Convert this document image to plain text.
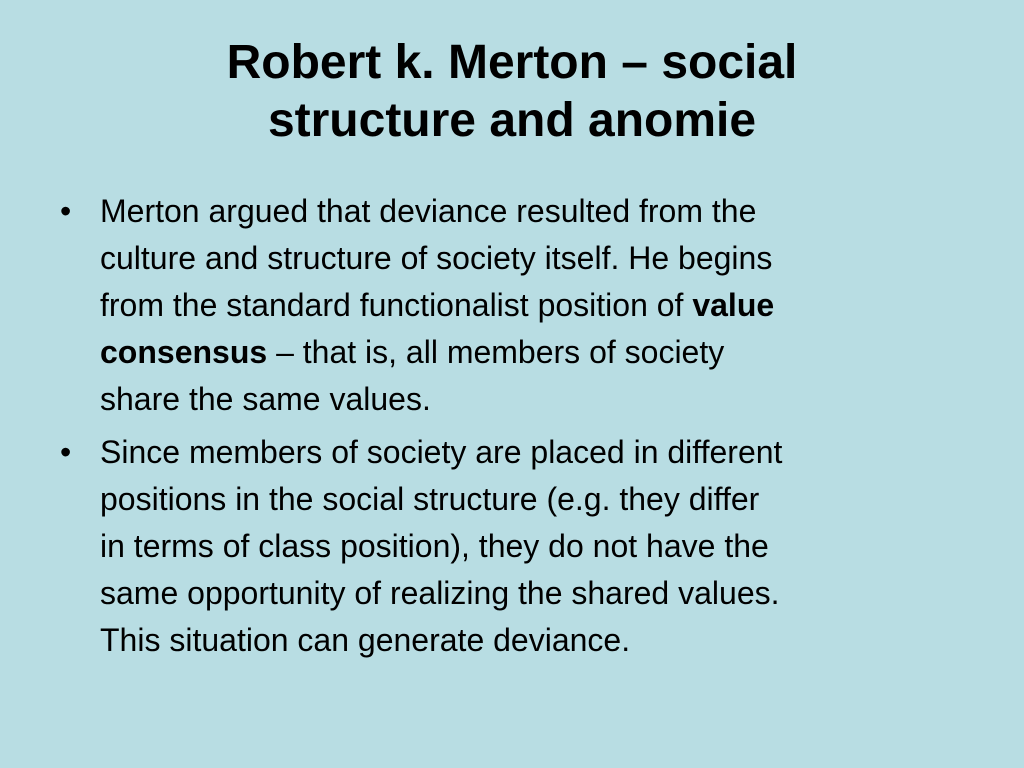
Robert k. Merton – social
structure and anomie
• Merton argued that deviance resulted from the
culture and structure of society itself. He begins
from the standard functionalist position of value
consensus – that is, all members of society
share the same values.
• Since members of society are placed in different
positions in the social structure (e.g. they differ
in terms of class position), they do not have the
same opportunity of realizing the shared values.
This situation can generate deviance.
